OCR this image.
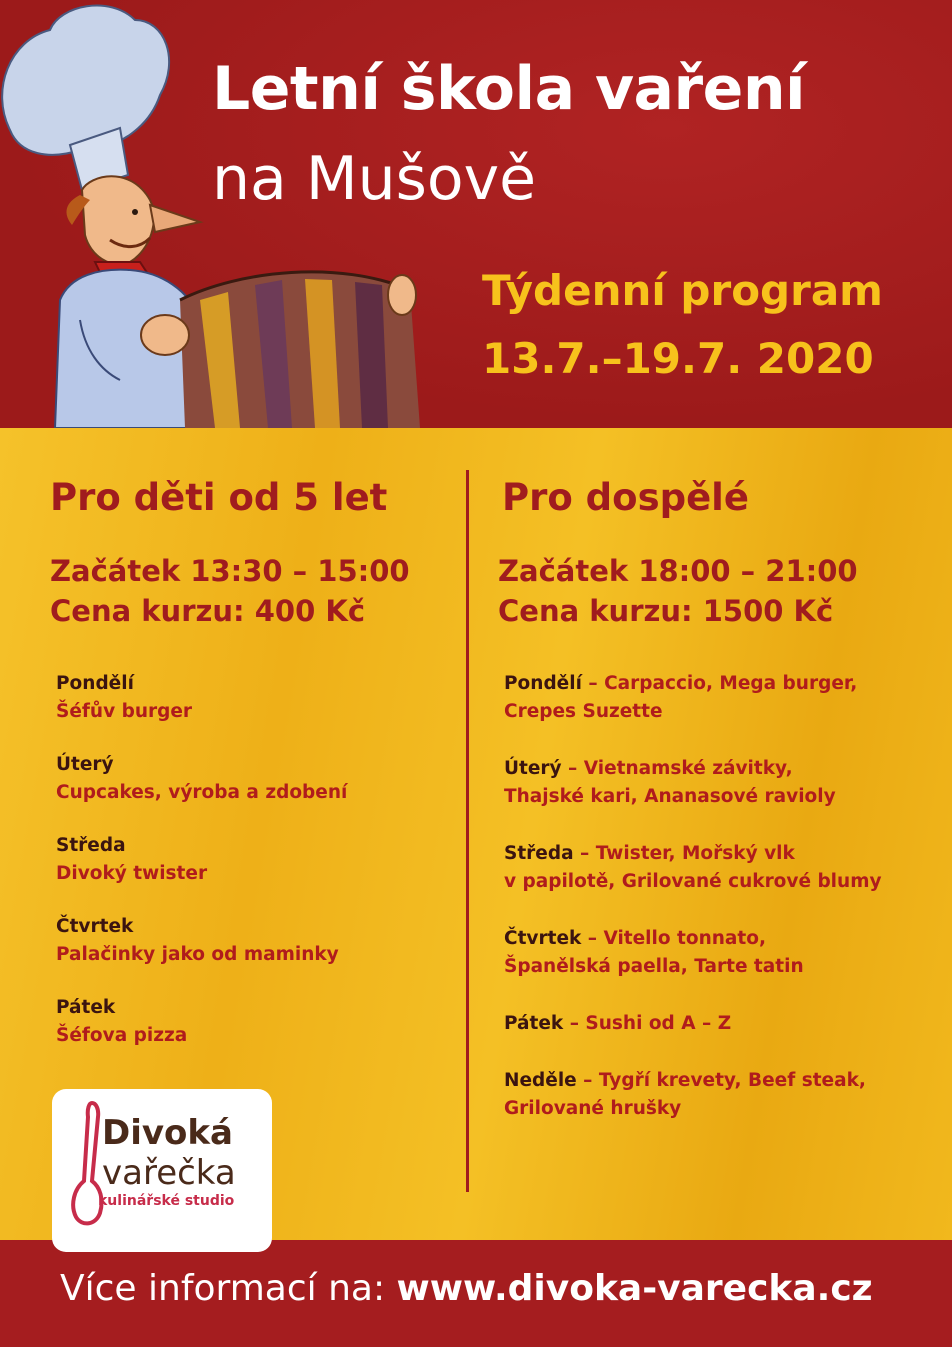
Letní škola vaření
na Mušově
Týdenní program
13.7.–19.7. 2020
Pro děti od 5 let
Začátek 13:30 – 15:00
Cena kurzu: 400 Kč
Pondělí
Šéfův burger
Úterý
Cupcakes, výroba a zdobení
Středa
Divoký twister
Čtvrtek
Palačinky jako od maminky
Pátek
Šéfova pizza
Pro dospělé
Začátek 18:00 – 21:00
Cena kurzu: 1500 Kč
Pondělí – Carpaccio, Mega burger,
Crepes Suzette
Úterý – Vietnamské závitky,
Thajské kari, Ananasové ravioly
Středa – Twister, Mořský vlk
v papilotě, Grilované cukrové blumy
Čtvrtek – Vitello tonnato,
Španělská paella, Tarte tatin
Pátek – Sushi od A – Z
Neděle – Tygří krevety, Beef steak,
Grilované hrušky
Divoká
vařečka
kulinářské studio
Více informací na: www.divoka-varecka.cz
